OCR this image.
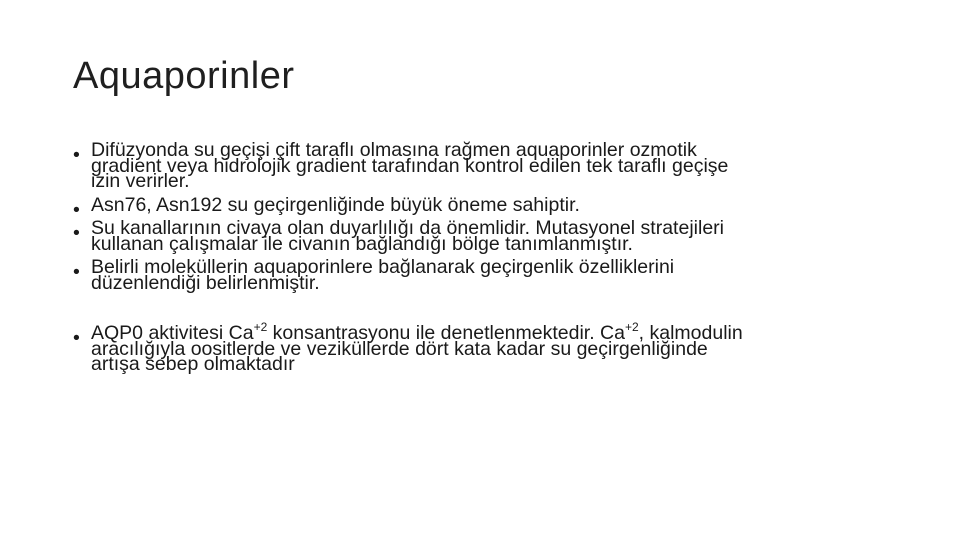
Aquaporinler
• Difüzyonda su geçişi çift taraflı olmasına rağmen aquaporinler ozmotik
gradient veya hidrolojik gradient tarafından kontrol edilen tek taraflı geçişe
izin verirler.
• Asn76, Asn192 su geçirgenliğinde büyük öneme sahiptir.
• Su kanallarının civaya olan duyarlılığı da önemlidir. Mutasyonel stratejileri
kullanan çalışmalar ile civanın bağlandığı bölge tanımlanmıştır.
• Belirli moleküllerin aquaporinlere bağlanarak geçirgenlik özelliklerini
düzenlendiği belirlenmiştir.
• AQP0 aktivitesi $Ca^{+2}$ konsantrasyonu ile denetlenmektedir. $Ca^{+2}$, kalmodulin
aracılığıyla oositlerde ve veziküllerde dört kata kadar su geçirgenliğinde
artışa sebep olmaktadır
